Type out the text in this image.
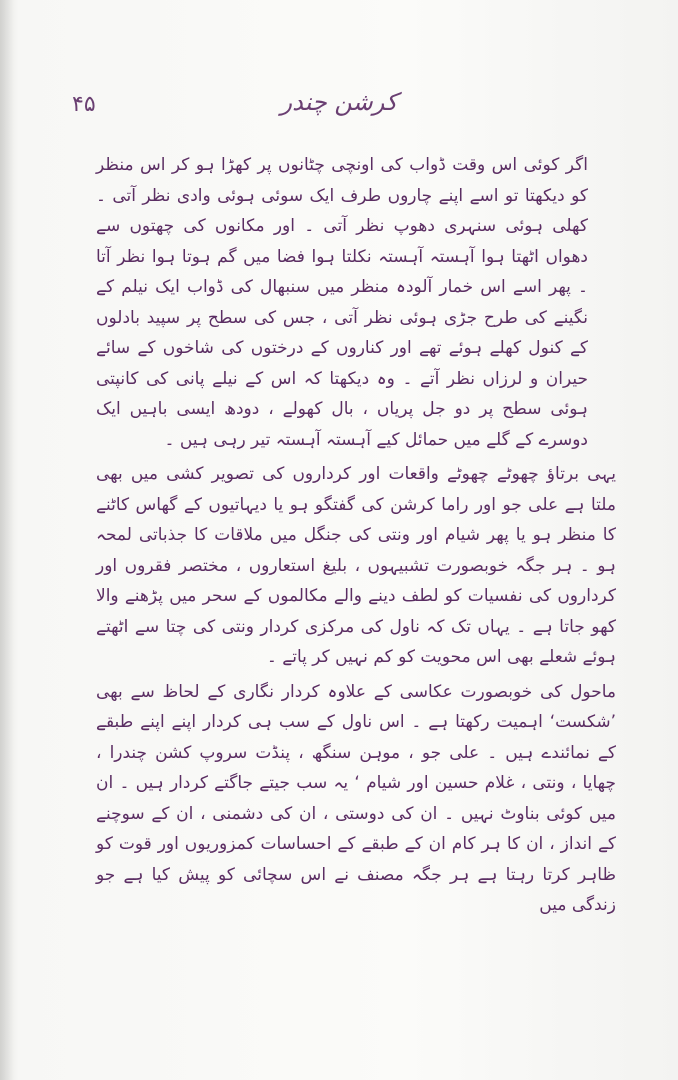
۴۵	کرشن چندر

اگر کوئی اس وقت ڈواب کی اونچی چٹانوں پر کھڑا ہو کر اس منظر کو دیکھتا تو اسے اپنے چاروں طرف ایک سوئی ہوئی وادی نظر آتی ۔ کھلی ہوئی سنہری دھوپ نظر آتی ۔ اور مکانوں کی چھتوں سے دھواں اٹھتا ہوا آہستہ آہستہ نکلتا ہوا فضا میں گم ہوتا ہوا نظر آتا ۔ پھر اسے اس خمار آلودہ منظر میں سنبھال کی ڈواب ایک نیلم کے نگینے کی طرح جڑی ہوئی نظر آتی ، جس کی سطح پر سپید بادلوں کے کنول کھلے ہوئے تھے اور کناروں کے درختوں کی شاخوں کے سائے حیران و لرزاں نظر آتے ۔ وہ دیکھتا کہ اس کے نیلے پانی کی کانپتی ہوئی سطح پر دو جل پریاں ، بال کھولے ، دودھ ایسی باہیں ایک دوسرے کے گلے میں حمائل کیے آہستہ آہستہ تیر رہی ہیں ۔

یہی برتاؤ چھوٹے چھوٹے واقعات اور کرداروں کی تصویر کشی میں بھی ملتا ہے علی جو اور راما کرشن کی گفتگو ہو یا دیہاتیوں کے گھاس کاٹنے کا منظر ہو یا پھر شیام اور ونتی کی جنگل میں ملاقات کا جذباتی لمحہ ہو ۔ ہر جگہ خوبصورت تشبیہوں ، بلیغ استعاروں ، مختصر فقروں اور کرداروں کی نفسیات کو لطف دینے والے مکالموں کے سحر میں پڑھنے والا کھو جاتا ہے ۔ یہاں تک کہ ناول کی مرکزی کردار ونتی کی چتا سے اٹھتے ہوئے شعلے بھی اس محویت کو کم نہیں کر پاتے ۔

ماحول کی خوبصورت عکاسی کے علاوہ کردار نگاری کے لحاظ سے بھی ’شکست‘ اہمیت رکھتا ہے ۔ اس ناول کے سب ہی کردار اپنے اپنے طبقے کے نمائندے ہیں ۔ علی جو ، موہن سنگھ ، پنڈت سروپ کشن چندرا ، چھایا ، ونتی ، غلام حسین اور شیام ‘ یہ سب جیتے جاگتے کردار ہیں ۔ ان میں کوئی بناوٹ نہیں ۔ ان کی دوستی ، ان کی دشمنی ، ان کے سوچنے کے انداز ، ان کا ہر کام ان کے طبقے کے احساسات کمزوریوں اور قوت کو ظاہر کرتا رہتا ہے ہر جگہ مصنف نے اس سچائی کو پیش کیا ہے جو زندگی میں
